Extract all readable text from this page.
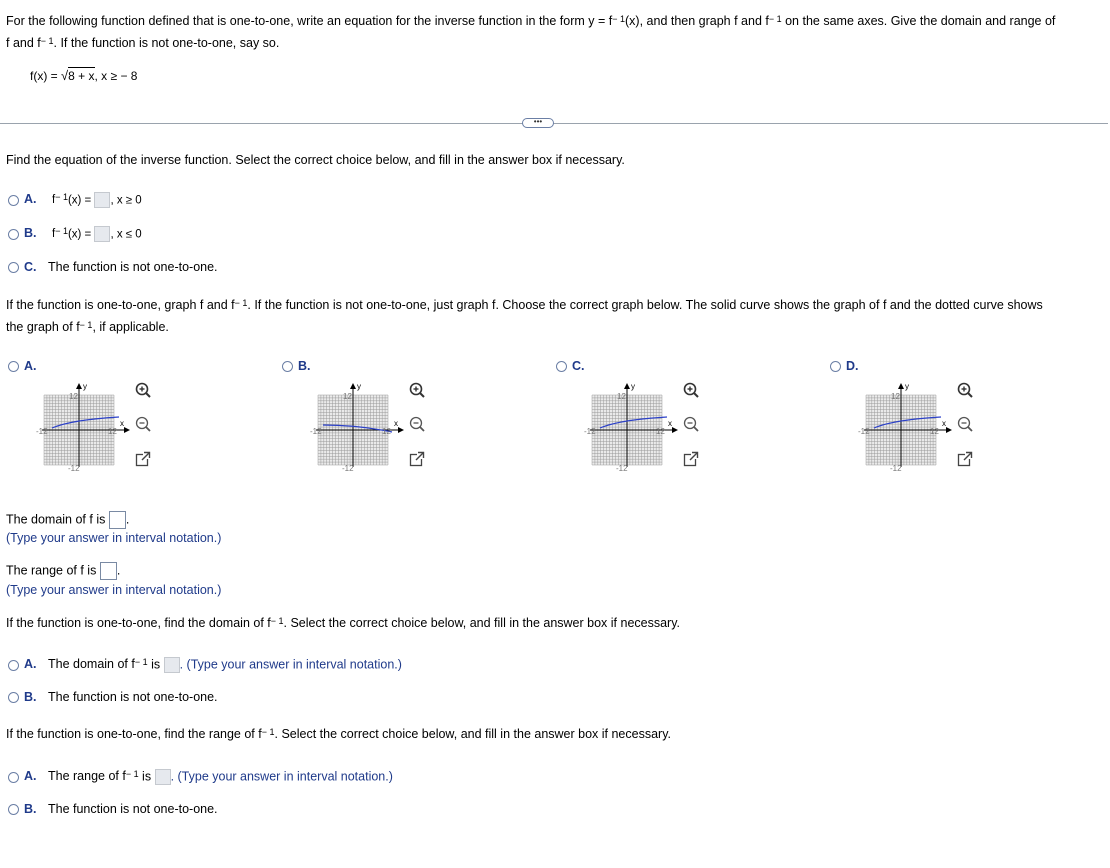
For the following function defined that is one-to-one, write an equation for the inverse function in the form $y = f^{- 1}(x)$, and then graph f and $f^{- 1}$ on the same axes. Give the domain and range of
f and $f^{- 1}$. If the function is not one-to-one, say so.
f(x) = √8 + x, x ≥ − 8
•••
Find the equation of the inverse function. Select the correct choice below, and fill in the answer box if necessary.
A. $f^{- 1}(x)$ = , x ≥ 0
B. $f^{- 1}(x)$ = , x ≤ 0
C. The function is not one-to-one.
If the function is one-to-one, graph f and $f^{- 1}$. If the function is not one-to-one, just graph f. Choose the correct graph below. The solid curve shows the graph of f and the dotted curve shows
the graph of $f^{- 1}$, if applicable.
A.
y
x
12
-12	12
-12
B.
y
x
12
-12	12
-12
C.
y
x
12
-12	12
-12
D.
y
x
12
-12	12
-12
The domain of f is .
(Type your answer in interval notation.)
The range of f is .
(Type your answer in interval notation.)
If the function is one-to-one, find the domain of $f^{- 1}$. Select the correct choice below, and fill in the answer box if necessary.
A. The domain of $f^{- 1}$ is . (Type your answer in interval notation.)
B. The function is not one-to-one.
If the function is one-to-one, find the range of $f^{- 1}$. Select the correct choice below, and fill in the answer box if necessary.
A. The range of $f^{- 1}$ is . (Type your answer in interval notation.)
B. The function is not one-to-one.
